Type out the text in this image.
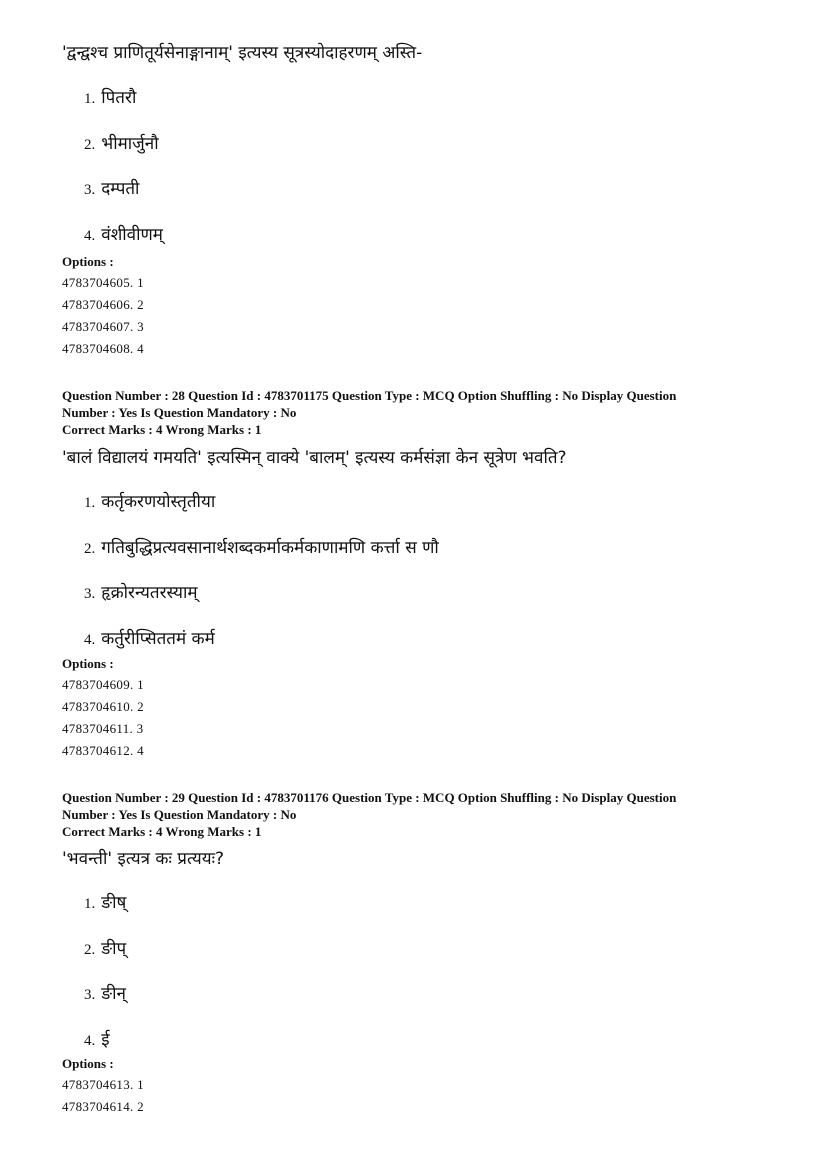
'द्वन्द्वश्च प्राणितूर्यसेनाङ्गानाम्' इत्यस्य सूत्रस्योदाहरणम् अस्ति-

1. पितरौ
2. भीमार्जुनौ
3. दम्पती
4. वंशीवीणम्
Options :
4783704605. 1
4783704606. 2
4783704607. 3
4783704608. 4
Question Number : 28 Question Id : 4783701175 Question Type : MCQ Option Shuffling : No Display Question
Number : Yes Is Question Mandatory : No
Correct Marks : 4 Wrong Marks : 1

'बालं विद्यालयं गमयति' इत्यस्मिन् वाक्ये 'बालम्' इत्यस्य कर्मसंज्ञा केन सूत्रेण भवति?

1. कर्तृकरणयोस्तृतीया
2. गतिबुद्धिप्रत्यवसानार्थशब्दकर्माकर्मकाणामणि कर्त्ता स णौ
3. हृक्रोरन्यतरस्याम्
4. कर्तुरीप्सिततमं कर्म
Options :
4783704609. 1
4783704610. 2
4783704611. 3
4783704612. 4
Question Number : 29 Question Id : 4783701176 Question Type : MCQ Option Shuffling : No Display Question
Number : Yes Is Question Mandatory : No
Correct Marks : 4 Wrong Marks : 1

'भवन्ती' इत्यत्र कः प्रत्ययः?

1. ङीष्
2. ङीप्
3. ङीन्
4. ई
Options :
4783704613. 1
4783704614. 2
